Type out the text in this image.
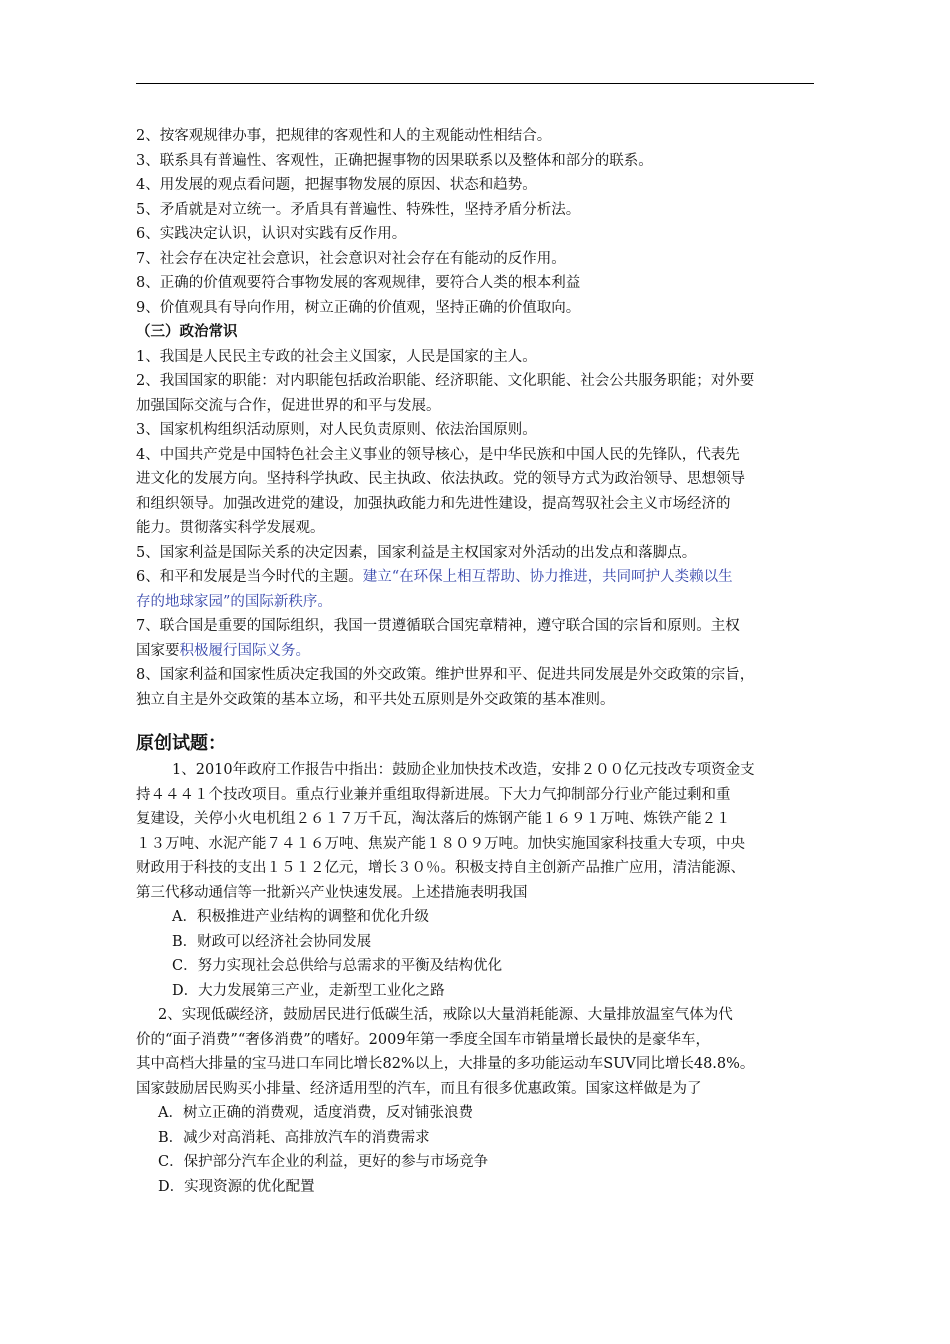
2、按客观规律办事，把规律的客观性和人的主观能动性相结合。
3、联系具有普遍性、客观性，正确把握事物的因果联系以及整体和部分的联系。
4、用发展的观点看问题，把握事物发展的原因、状态和趋势。
5、矛盾就是对立统一。矛盾具有普遍性、特殊性，坚持矛盾分析法。
6、实践决定认识，认识对实践有反作用。
7、社会存在决定社会意识，社会意识对社会存在有能动的反作用。
8、正确的价值观要符合事物发展的客观规律，要符合人类的根本利益
9、价值观具有导向作用，树立正确的价值观，坚持正确的价值取向。
（三）政治常识
1、我国是人民民主专政的社会主义国家，人民是国家的主人。
2、我国国家的职能：对内职能包括政治职能、经济职能、文化职能、社会公共服务职能；对外要
加强国际交流与合作，促进世界的和平与发展。
3、国家机构组织活动原则，对人民负责原则、依法治国原则。
4、中国共产党是中国特色社会主义事业的领导核心，是中华民族和中国人民的先锋队，代表先
进文化的发展方向。坚持科学执政、民主执政、依法执政。党的领导方式为政治领导、思想领导
和组织领导。加强改进党的建设，加强执政能力和先进性建设，提高驾驭社会主义市场经济的
能力。贯彻落实科学发展观。
5、国家利益是国际关系的决定因素，国家利益是主权国家对外活动的出发点和落脚点。
6、和平和发展是当今时代的主题。建立“在环保上相互帮助、协力推进，共同呵护人类赖以生
存的地球家园”的国际新秩序。
7、联合国是重要的国际组织，我国一贯遵循联合国宪章精神，遵守联合国的宗旨和原则。主权
国家要积极履行国际义务。
8、国家利益和国家性质决定我国的外交政策。维护世界和平、促进共同发展是外交政策的宗旨，
独立自主是外交政策的基本立场，和平共处五原则是外交政策的基本准则。
原创试题：
1、2010年政府工作报告中指出：鼓励企业加快技术改造，安排２００亿元技改专项资金支
持４４４１个技改项目。重点行业兼并重组取得新进展。下大力气抑制部分行业产能过剩和重
复建设，关停小火电机组２６１７万千瓦，淘汰落后的炼钢产能１６９１万吨、炼铁产能２１
１３万吨、水泥产能７４１６万吨、焦炭产能１８０９万吨。加快实施国家科技重大专项，中央
财政用于科技的支出１５１２亿元，增长３０％。积极支持自主创新产品推广应用，清洁能源、
第三代移动通信等一批新兴产业快速发展。上述措施表明我国
A．积极推进产业结构的调整和优化升级
B．财政可以经济社会协同发展
C．努力实现社会总供给与总需求的平衡及结构优化
D．大力发展第三产业，走新型工业化之路
2、实现低碳经济，鼓励居民进行低碳生活，戒除以大量消耗能源、大量排放温室气体为代
价的“面子消费”“奢侈消费”的嗜好。2009年第一季度全国车市销量增长最快的是豪华车，
其中高档大排量的宝马进口车同比增长82%以上，大排量的多功能运动车SUV同比增长48.8%。
国家鼓励居民购买小排量、经济适用型的汽车，而且有很多优惠政策。国家这样做是为了
A．树立正确的消费观，适度消费，反对铺张浪费
B．减少对高消耗、高排放汽车的消费需求
C．保护部分汽车企业的利益，更好的参与市场竞争
D．实现资源的优化配置
